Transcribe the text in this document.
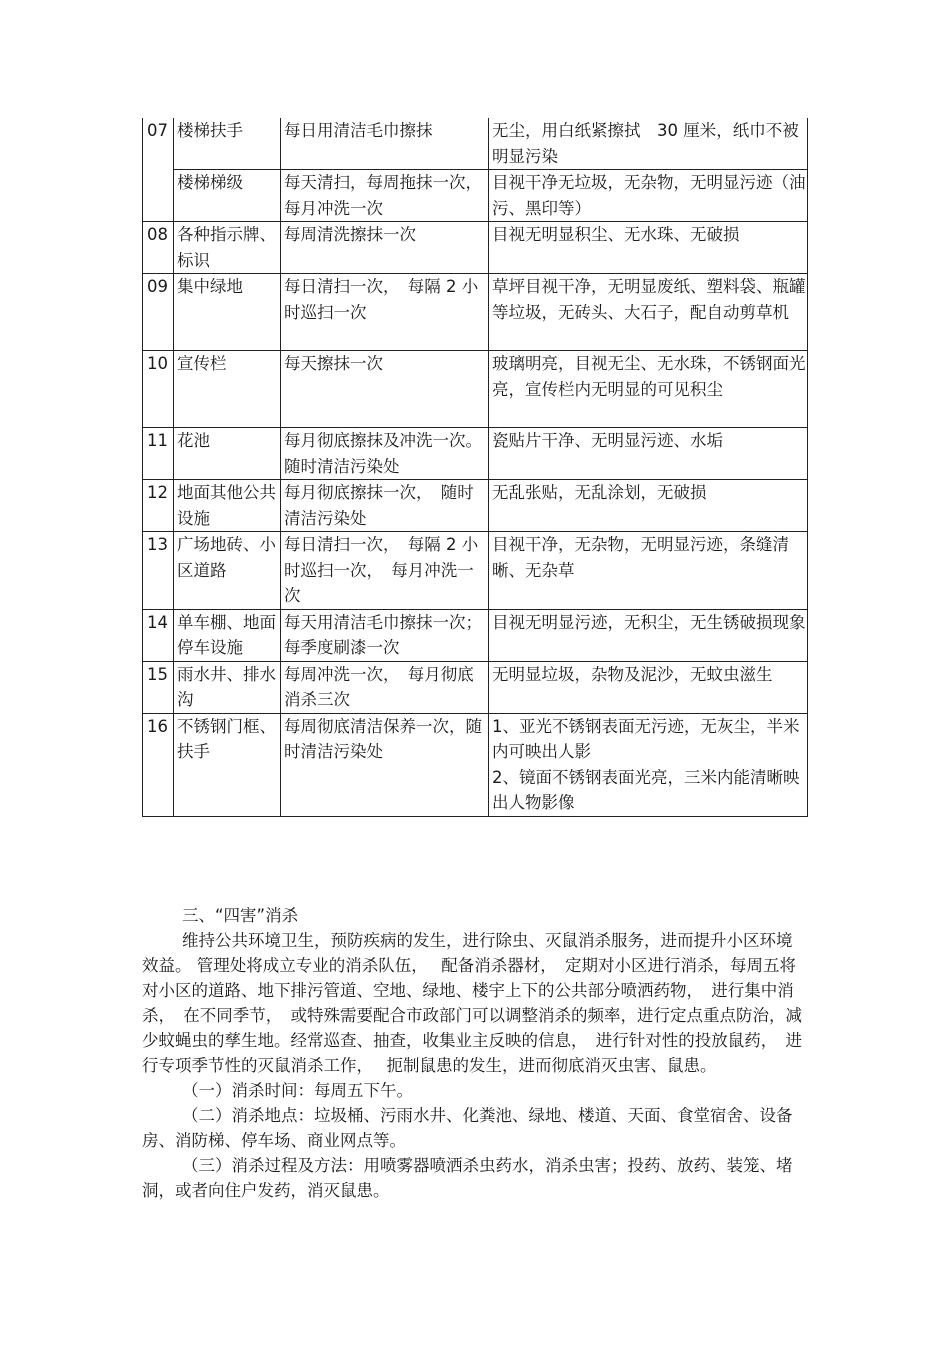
07	楼梯扶手	每日用清洁毛巾擦抹	无尘，用白纸紧擦拭　30 厘米，纸巾不被明显污染
	楼梯梯级	每天清扫，每周拖抹一次，每月冲洗一次	目视干净无垃圾，无杂物，无明显污迹（油污、黑印等）
08	各种指示牌、标识	每周清洗擦抹一次	目视无明显积尘、无水珠、无破损
09	集中绿地	每日清扫一次，　每隔 2 小时巡扫一次	草坪目视干净，无明显废纸、塑料袋、瓶罐等垃圾，无砖头、大石子，配自动剪草机
10	宣传栏	每天擦抹一次	玻璃明亮，目视无尘、无水珠，不锈钢面光亮，宣传栏内无明显的可见积尘
11	花池	每月彻底擦抹及冲洗一次。随时清洁污染处	瓷贴片干净、无明显污迹、水垢
12	地面其他公共设施	每月彻底擦抹一次，　随时清洁污染处	无乱张贴，无乱涂划，无破损
13	广场地砖、小区道路	每日清扫一次，　每隔 2 小时巡扫一次，　每月冲洗一次	目视干净，无杂物，无明显污迹，条缝清晰、无杂草
14	单车棚、地面停车设施	每天用清洁毛巾擦抹一次；每季度刷漆一次	目视无明显污迹，无积尘，无生锈破损现象
15	雨水井、排水沟	每周冲洗一次，　每月彻底消杀三次	无明显垃圾，杂物及泥沙，无蚊虫滋生
16	不锈钢门框、扶手	每周彻底清洁保养一次，随时清洁污染处	1、亚光不锈钢表面无污迹，无灰尘，半米内可映出人影
2、镜面不锈钢表面光亮，三米内能清晰映出人物影像

三、“四害”消杀

维持公共环境卫生，预防疾病的发生，进行除虫、灭鼠消杀服务，进而提升小区环境效益。 管理处将成立专业的消杀队伍，　 配备消杀器材，　定期对小区进行消杀，每周五将对小区的道路、地下排污管道、空地、绿地、楼宇上下的公共部分喷洒药物，　进行集中消杀，　在不同季节，　或特殊需要配合市政部门可以调整消杀的频率，进行定点重点防治，减少蚊蝇虫的孳生地。经常巡查、抽查，收集业主反映的信息，　进行针对性的投放鼠药，　进行专项季节性的灭鼠消杀工作，　 扼制鼠患的发生，进而彻底消灭虫害、鼠患。

（一）消杀时间：每周五下午。

（二）消杀地点：垃圾桶、污雨水井、化粪池、绿地、楼道、天面、食堂宿舍、设备房、消防梯、停车场、商业网点等。

（三）消杀过程及方法：用喷雾器喷洒杀虫药水，消杀虫害；投药、放药、装笼、堵洞，或者向住户发药，消灭鼠患。
